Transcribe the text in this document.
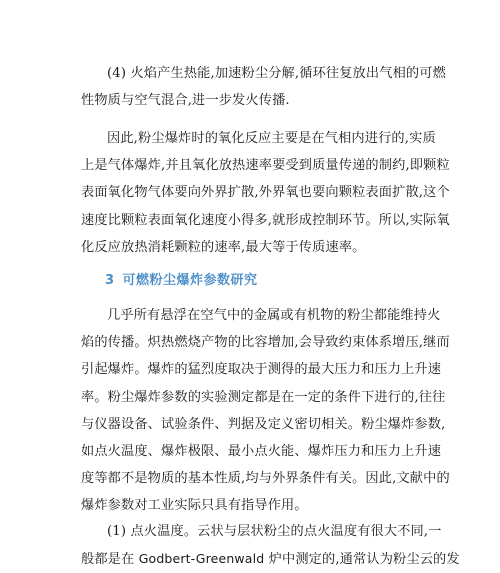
(4) 火焰产生热能,加速粉尘分解,循环往复放出气相的可燃
性物质与空气混合,进一步发火传播.

因此,粉尘爆炸时的氧化反应主要是在气相内进行的,实质
上是气体爆炸,并且氧化放热速率要受到质量传递的制约,即颗粒
表面氧化物气体要向外界扩散,外界氧也要向颗粒表面扩散,这个
速度比颗粒表面氧化速度小得多,就形成控制环节。所以,实际氧
化反应放热消耗颗粒的速率,最大等于传质速率。

3 可燃粉尘爆炸参数研究

几乎所有悬浮在空气中的金属或有机物的粉尘都能维持火
焰的传播。炽热燃烧产物的比容增加,会导致约束体系增压,继而
引起爆炸。爆炸的猛烈度取决于测得的最大压力和压力上升速
率。粉尘爆炸参数的实验测定都是在一定的条件下进行的,往往
与仪器设备、试验条件、判据及定义密切相关。粉尘爆炸参数,
如点火温度、爆炸极限、最小点火能、爆炸压力和压力上升速
度等都不是物质的基本性质,均与外界条件有关。因此,文献中的
爆炸参数对工业实际只具有指导作用。

(1) 点火温度。云状与层状粉尘的点火温度有很大不同,一
般都是在 Godbert-Greenwald 炉中测定的,通常认为粉尘云的发
